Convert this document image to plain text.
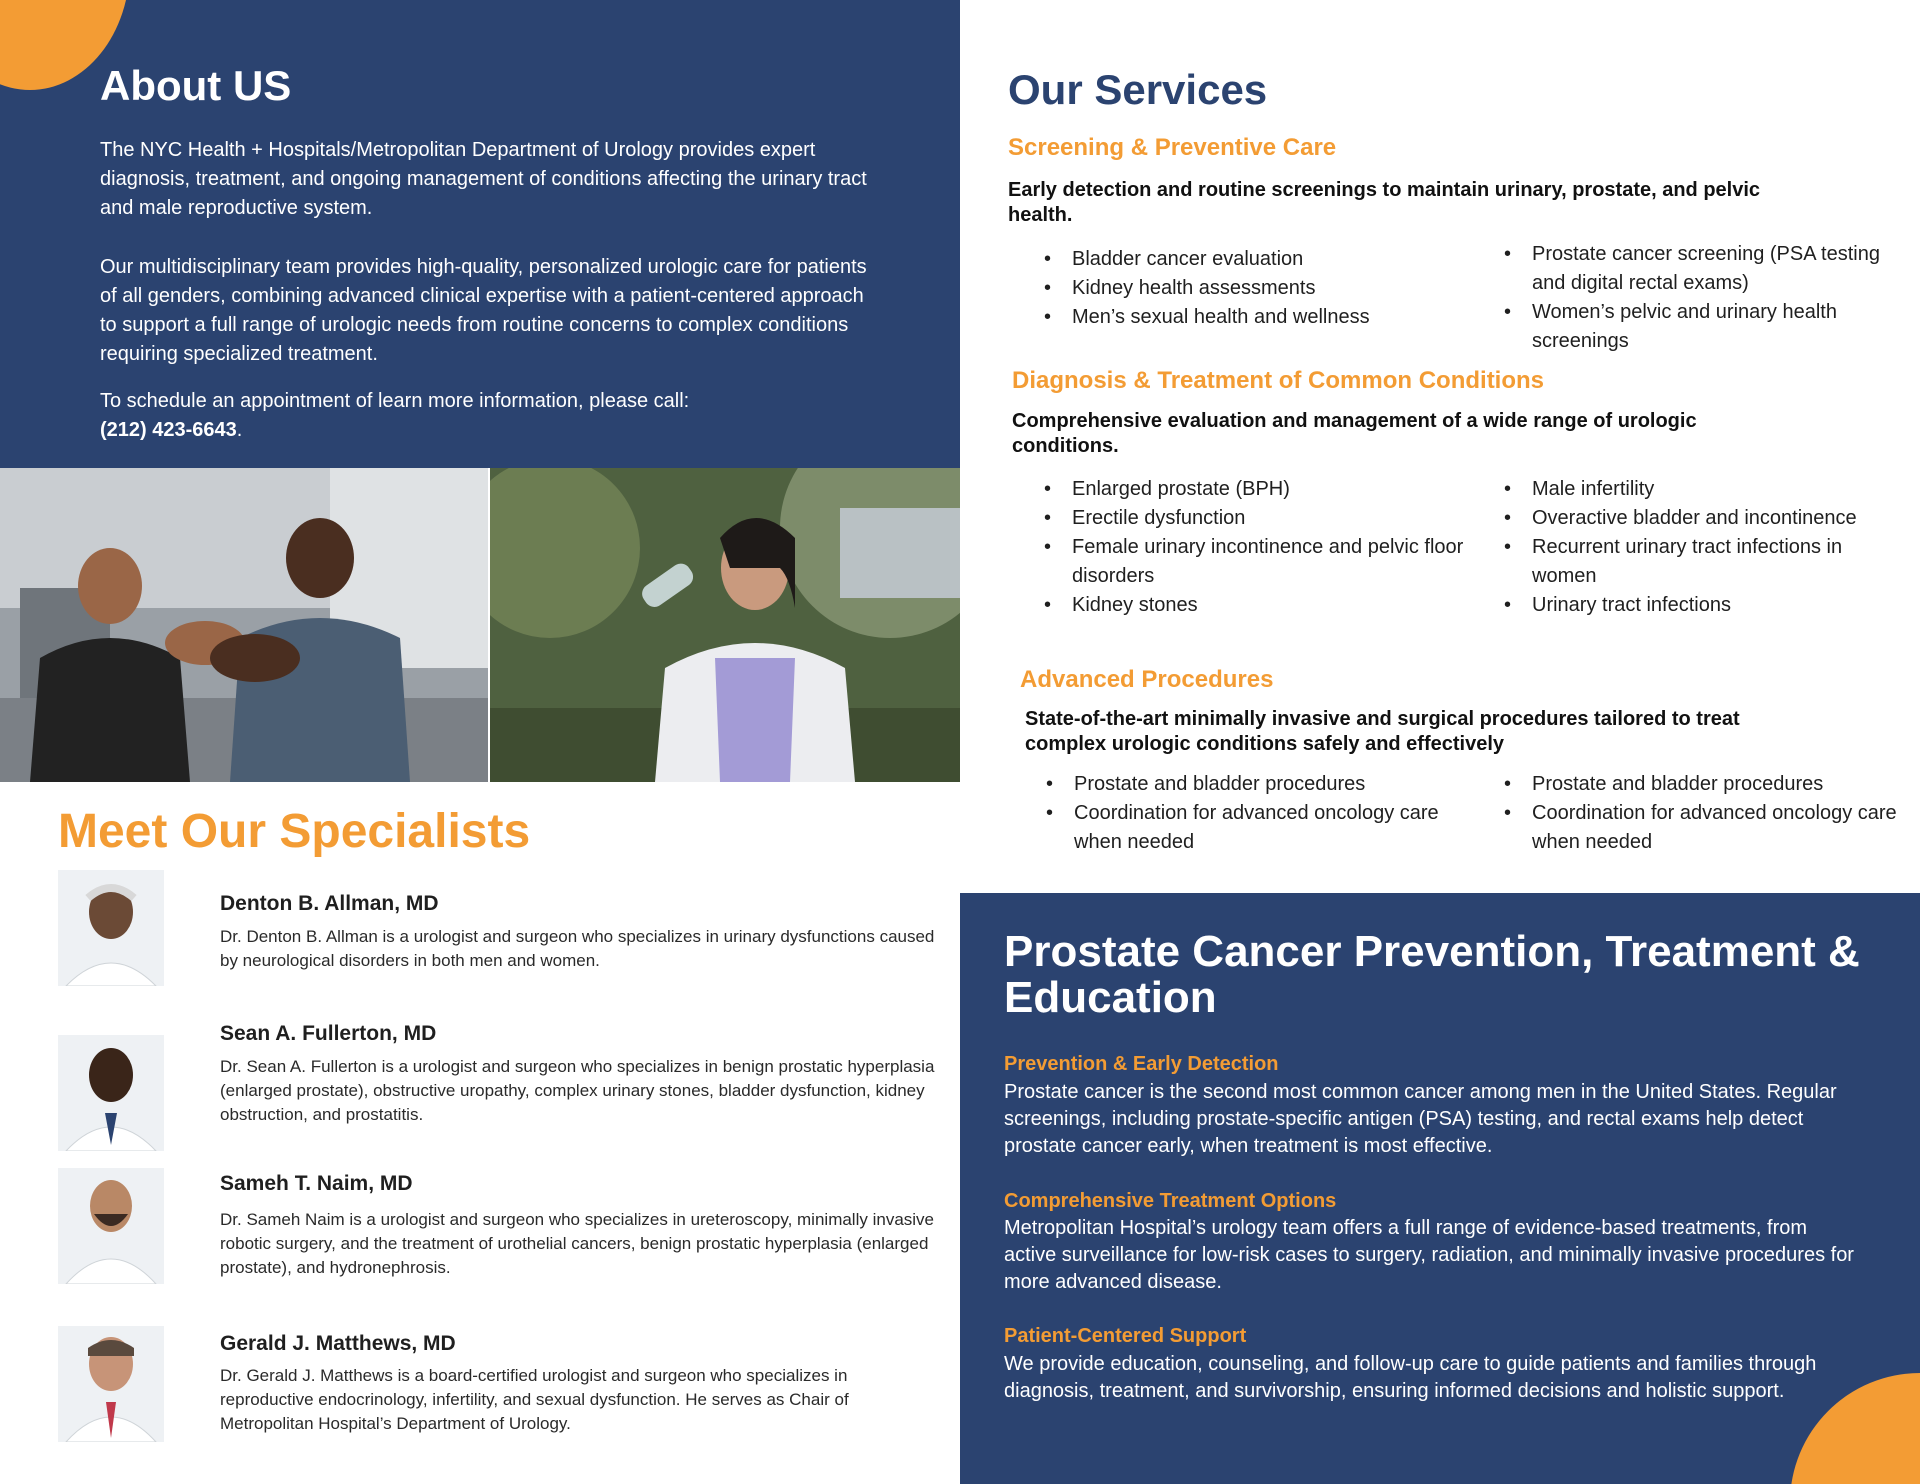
About US

The NYC Health + Hospitals/Metropolitan Department of Urology provides expert diagnosis, treatment, and ongoing management of conditions affecting the urinary tract and male reproductive system.

Our multidisciplinary team provides high-quality, personalized urologic care for patients of all genders, combining advanced clinical expertise with a patient-centered approach to support a full range of urologic needs from routine concerns to complex conditions requiring specialized treatment.

To schedule an appointment of learn more information, please call:
(212) 423-6643.

Meet Our Specialists
Denton B. Allman, MD
Dr. Denton B. Allman is a urologist and surgeon who specializes in urinary dysfunctions caused by neurological disorders in both men and women.
Sean A. Fullerton, MD
Dr. Sean A. Fullerton is a urologist and surgeon who specializes in benign prostatic hyperplasia (enlarged prostate), obstructive uropathy, complex urinary stones, bladder dysfunction, kidney obstruction, and prostatitis.
Sameh T. Naim, MD
Dr. Sameh Naim is a urologist and surgeon who specializes in ureteroscopy, minimally invasive robotic surgery, and the treatment of urothelial cancers, benign prostatic hyperplasia (enlarged prostate), and hydronephrosis.
Gerald J. Matthews, MD
Dr. Gerald J. Matthews is a board-certified urologist and surgeon who specializes in reproductive endocrinology, infertility, and sexual dysfunction. He serves as Chair of Metropolitan Hospital’s Department of Urology.
Our Services
Screening & Preventive Care
Early detection and routine screenings to maintain urinary, prostate, and pelvic health.
• Bladder cancer evaluation
• Kidney health assessments
• Men’s sexual health and wellness
• Prostate cancer screening (PSA testing and digital rectal exams)
• Women’s pelvic and urinary health screenings
Diagnosis & Treatment of Common Conditions
Comprehensive evaluation and management of a wide range of urologic conditions.
• Enlarged prostate (BPH)
• Erectile dysfunction
• Female urinary incontinence and pelvic floor disorders
• Kidney stones
• Male infertility
• Overactive bladder and incontinence
• Recurrent urinary tract infections in women
• Urinary tract infections
Advanced Procedures
State-of-the-art minimally invasive and surgical procedures tailored to treat complex urologic conditions safely and effectively
• Prostate and bladder procedures
• Coordination for advanced oncology care when needed
• Prostate and bladder procedures
• Coordination for advanced oncology care when needed
Prostate Cancer Prevention, Treatment & Education
Prevention & Early Detection

Prostate cancer is the second most common cancer among men in the United States. Regular screenings, including prostate-specific antigen (PSA) testing, and rectal exams help detect prostate cancer early, when treatment is most effective.

Comprehensive Treatment Options

Metropolitan Hospital’s urology team offers a full range of evidence-based treatments, from active surveillance for low-risk cases to surgery, radiation, and minimally invasive procedures for more advanced disease.

Patient-Centered Support

We provide education, counseling, and follow-up care to guide patients and families through diagnosis, treatment, and survivorship, ensuring informed decisions and holistic support.
